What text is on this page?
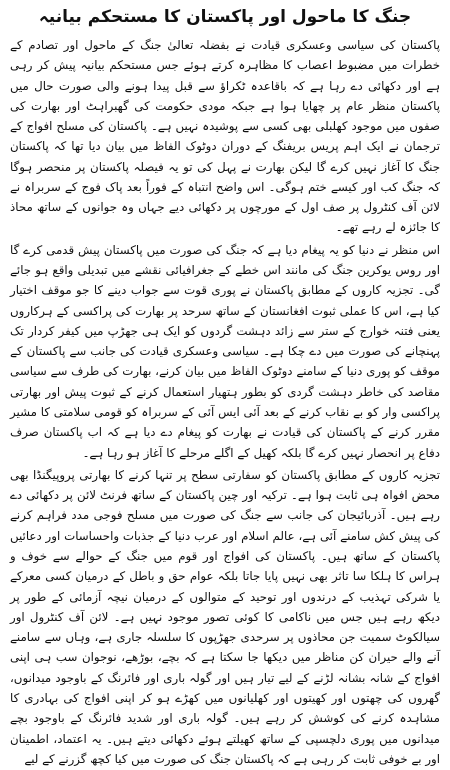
جنگ کا ماحول اور پاکستان کا مستحکم بیانیہ

پاکستان کی سیاسی وعسکری قیادت نے بفضلہ تعالیٰ جنگ کے ماحول اور تصادم کے خطرات میں مضبوط اعصاب کا مظاہرہ کرتے ہوئے جس مستحکم بیانیہ پیش کر رہی ہے اور دکھائی دے رہا ہے کہ باقاعدہ ٹکراؤ سے قبل پیدا ہونے والی صورت حال میں پاکستان منظر عام پر چھایا ہوا ہے جبکہ مودی حکومت کی گھبراہٹ اور بھارت کی صفوں میں موجود کھلبلی بھی کسی سے پوشیدہ نہیں ہے۔ پاکستان کی مسلح افواج کے ترجمان نے ایک اہم پریس بریفنگ کے دوران دوٹوک الفاظ میں بیان دیا تھا کہ پاکستان جنگ کا آغاز نہیں کرے گا لیکن بھارت نے پہل کی تو یہ فیصلہ پاکستان پر منحصر ہوگا کہ جنگ کب اور کیسے ختم ہوگی۔ اس واضح انتباہ کے فوراً بعد پاک فوج کے سربراہ نے لائن آف کنٹرول پر صف اول کے مورچوں پر دکھائی دیے جہاں وہ جوانوں کے ساتھ محاذ کا جائزہ لے رہے تھے۔

اس منظر نے دنیا کو یہ پیغام دیا ہے کہ جنگ کی صورت میں پاکستان پیش قدمی کرے گا اور روس یوکرین جنگ کی مانند اس خطے کے جغرافیائی نقشے میں تبدیلی واقع ہو جائے گی۔ تجزیہ کاروں کے مطابق پاکستان نے پوری قوت سے جواب دینے کا جو موقف اختیار کیا ہے، اس کا عملی ثبوت افغانستان کے ساتھ سرحد پر بھارت کی پراکسی کے ہرکاروں یعنی فتنہ خوارج کے ستر سے زائد دہشت گردوں کو ایک ہی جھڑپ میں کیفر کردار تک پہنچانے کی صورت میں دے چکا ہے۔ سیاسی وعسکری قیادت کی جانب سے پاکستان کے موقف کو پوری دنیا کے سامنے دوٹوک الفاظ میں بیان کرنے، بھارت کی طرف سے سیاسی مقاصد کی خاطر دہشت گردی کو بطور ہتھیار استعمال کرنے کے ثبوت پیش اور بھارتی پراکسی وار کو بے نقاب کرنے کے بعد آئی ایس آئی کے سربراہ کو قومی سلامتی کا مشیر مقرر کرنے کے پاکستان کی قیادت نے بھارت کو پیغام دے دیا ہے کہ اب پاکستان صرف دفاع پر انحصار نہیں کرے گا بلکہ کھیل کے اگلے مرحلے کا آغاز ہو رہا ہے۔

تجزیہ کاروں کے مطابق پاکستان کو سفارتی سطح پر تنہا کرنے کا بھارتی پروپیگنڈا بھی محض افواہ ہی ثابت ہوا ہے۔ ترکیہ اور چین پاکستان کے ساتھ فرنٹ لائن پر دکھائی دے رہے ہیں۔ آذربائیجان کی جانب سے جنگ کی صورت میں مسلح فوجی مدد فراہم کرنے کی پیش کش سامنے آئی ہے، عالم اسلام اور عرب دنیا کے جذبات واحساسات اور دعائیں پاکستان کے ساتھ ہیں۔ پاکستان کی افواج اور قوم میں جنگ کے حوالے سے خوف و ہراس کا ہلکا سا تاثر بھی نہیں پایا جاتا بلکہ عوام حق و باطل کے درمیان کسی معرکے یا شرکی تہذیب کے درندوں اور توحید کے متوالوں کے درمیان نیچہ آزمائی کے طور پر دیکھ رہے ہیں جس میں ناکامی کا کوئی تصور موجود نہیں ہے۔ لائن آف کنٹرول اور سیالکوٹ سمیت جن محاذوں پر سرحدی جھڑپوں کا سلسلہ جاری ہے، وہاں سے سامنے آنے والے حیران کن مناظر میں دیکھا جا سکتا ہے کہ بچے، بوڑھے، نوجوان سب ہی اپنی افواج کے شانہ بشانہ لڑنے کے لیے تیار ہیں اور گولہ باری اور فائرنگ کے باوجود میدانوں، گھروں کی چھتوں اور کھیتوں اور کھلیانوں میں کھڑے ہو کر اپنی افواج کی بہادری کا مشاہدہ کرنے کی کوشش کر رہے ہیں۔ گولہ باری اور شدید فائرنگ کے باوجود بچے میدانوں میں پوری دلچسپی کے ساتھ کھیلتے ہوئے دکھائی دیتے ہیں۔ یہ اعتماد، اطمینان اور بے خوفی ثابت کر رہی ہے کہ پاکستان جنگ کی صورت میں کیا کچھ گزرنے کے لیے
